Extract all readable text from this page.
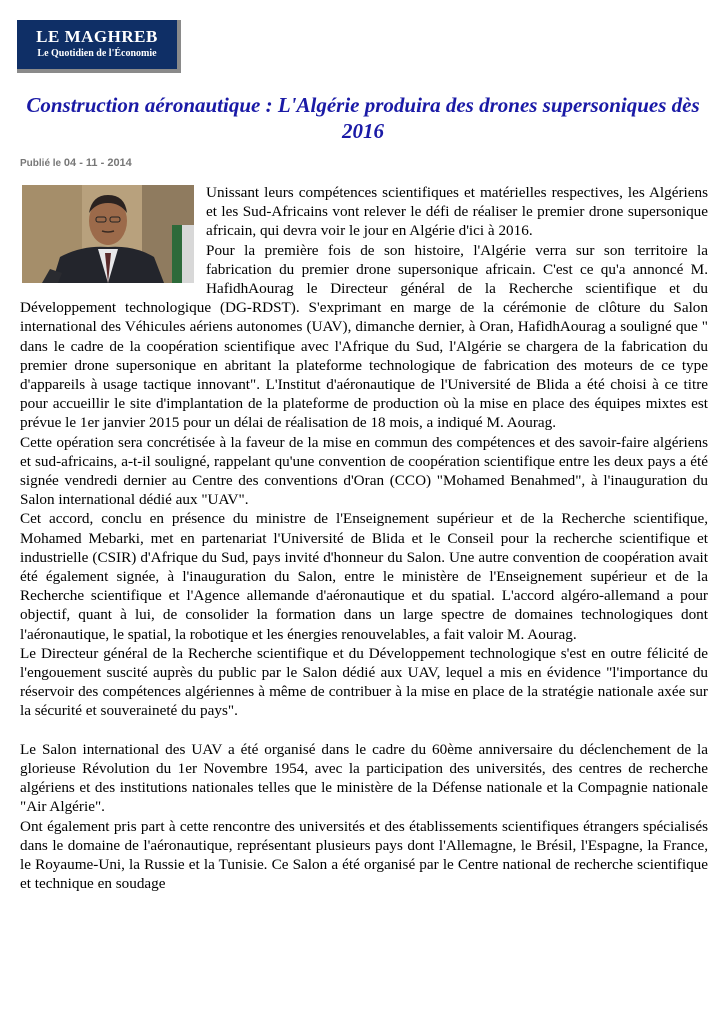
LE MAGHREB
Le Quotidien de l'Économie
Construction aéronautique : L'Algérie produira des drones supersoniques dès 2016
Publié le 04 - 11 - 2014

Unissant leurs compétences scientifiques et matérielles respectives, les Algériens et les Sud-Africains vont relever le défi de réaliser le premier drone supersonique africain, qui devra voir le jour en Algérie d'ici à 2016.

Pour la première fois de son histoire, l'Algérie verra sur son territoire la fabrication du premier drone supersonique africain. C'est ce qu'a annoncé M. HafidhAourag le Directeur général de la Recherche scientifique et du Développement technologique (DG-RDST). S'exprimant en marge de la cérémonie de clôture du Salon international des Véhicules aériens autonomes (UAV), dimanche dernier, à Oran, HafidhAourag a souligné que " dans le cadre de la coopération scientifique avec l'Afrique du Sud, l'Algérie se chargera de la fabrication du premier drone supersonique en abritant la plateforme technologique de fabrication des moteurs de ce type d'appareils à usage tactique innovant". L'Institut d'aéronautique de l'Université de Blida a été choisi à ce titre pour accueillir le site d'implantation de la plateforme de production où la mise en place des équipes mixtes est prévue le 1er janvier 2015 pour un délai de réalisation de 18 mois, a indiqué M. Aourag.

Cette opération sera concrétisée à la faveur de la mise en commun des compétences et des savoir-faire algériens et sud-africains, a-t-il souligné, rappelant qu'une convention de coopération scientifique entre les deux pays a été signée vendredi dernier au Centre des conventions d'Oran (CCO) "Mohamed Benahmed", à l'inauguration du Salon international dédié aux "UAV".

Cet accord, conclu en présence du ministre de l'Enseignement supérieur et de la Recherche scientifique, Mohamed Mebarki, met en partenariat l'Université de Blida et le Conseil pour la recherche scientifique et industrielle (CSIR) d'Afrique du Sud, pays invité d'honneur du Salon. Une autre convention de coopération avait été également signée, à l'inauguration du Salon, entre le ministère de l'Enseignement supérieur et de la Recherche scientifique et l'Agence allemande d'aéronautique et du spatial. L'accord algéro-allemand a pour objectif, quant à lui, de consolider la formation dans un large spectre de domaines technologiques dont l'aéronautique, le spatial, la robotique et les énergies renouvelables, a fait valoir M. Aourag.

Le Directeur général de la Recherche scientifique et du Développement technologique s'est en outre félicité de l'engouement suscité auprès du public par le Salon dédié aux UAV, lequel a mis en évidence "l'importance du réservoir des compétences algériennes à même de contribuer à la mise en place de la stratégie nationale axée sur la sécurité et souveraineté du pays".

Le Salon international des UAV a été organisé dans le cadre du 60ème anniversaire du déclenchement de la glorieuse Révolution du 1er Novembre 1954, avec la participation des universités, des centres de recherche algériens et des institutions nationales telles que le ministère de la Défense nationale et la Compagnie nationale "Air Algérie".

Ont également pris part à cette rencontre des universités et des établissements scientifiques étrangers spécialisés dans le domaine de l'aéronautique, représentant plusieurs pays dont l'Allemagne, le Brésil, l'Espagne, la France, le Royaume-Uni, la Russie et la Tunisie. Ce Salon a été organisé par le Centre national de recherche scientifique et technique en soudage
